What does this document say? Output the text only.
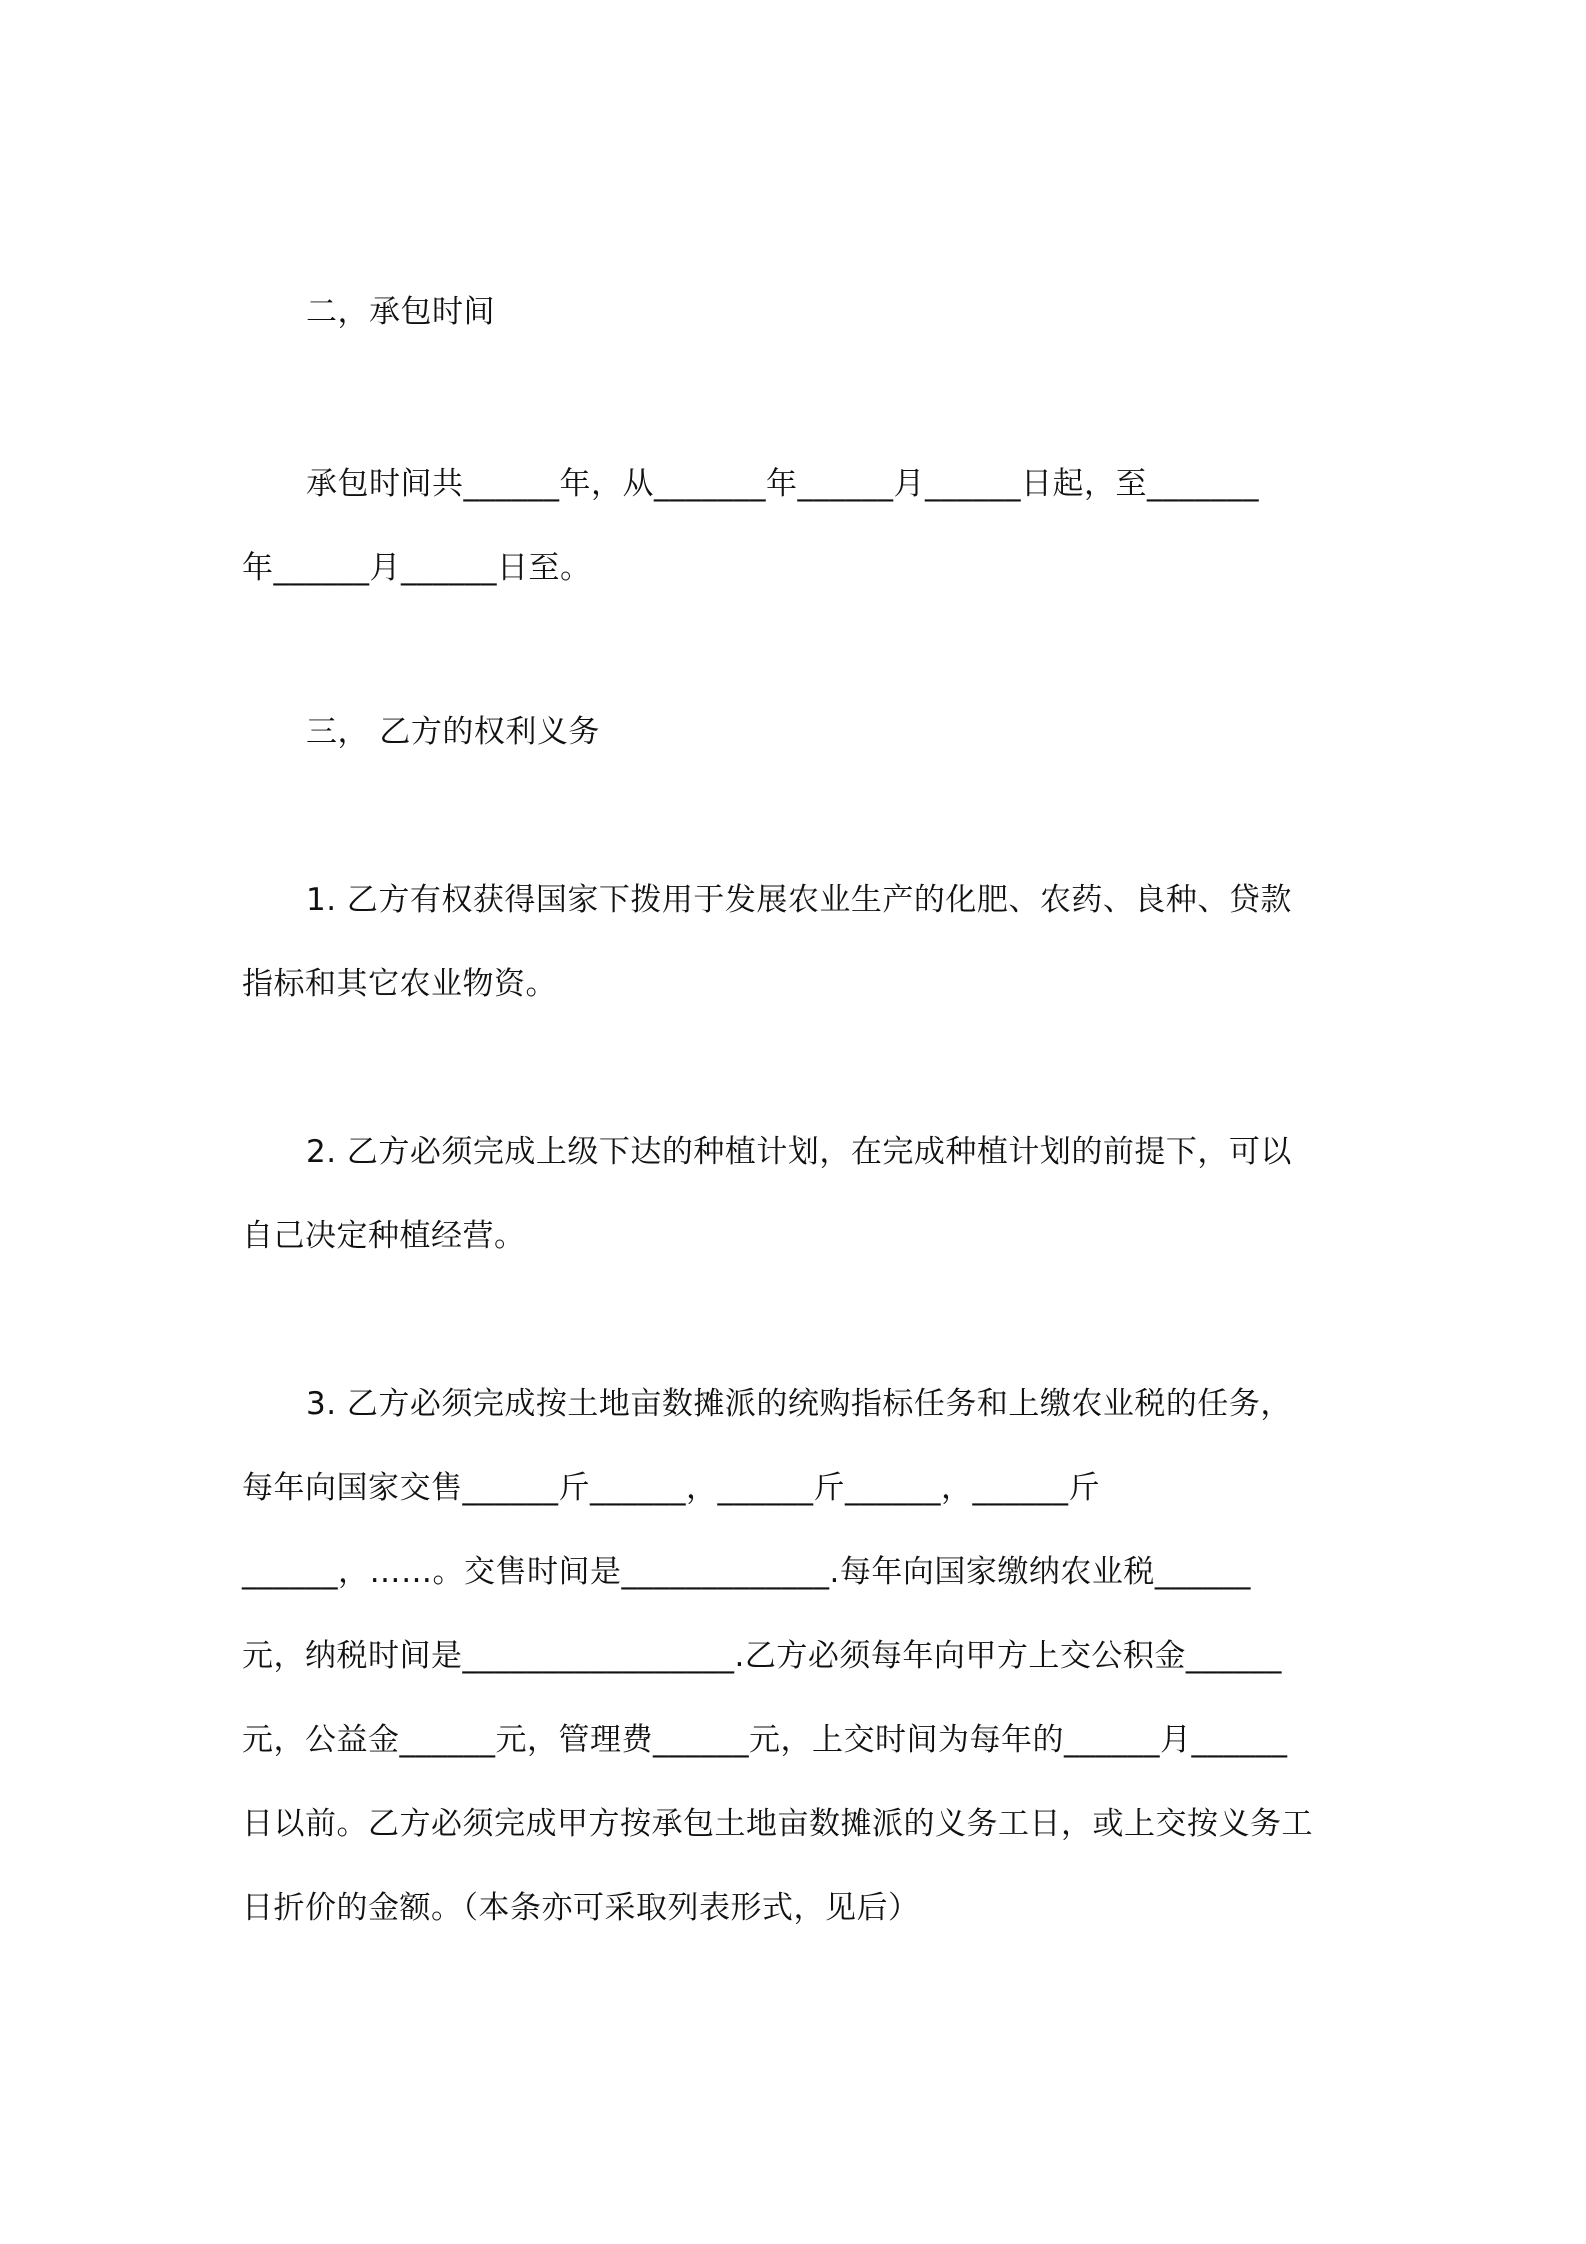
二，承包时间
承包时间共______年，从_______年______月______日起，至_______
年______月______日至。
三， 乙方的权利义务
1. 乙方有权获得国家下拨用于发展农业生产的化肥、农药、良种、贷款
指标和其它农业物资。
2. 乙方必须完成上级下达的种植计划，在完成种植计划的前提下，可以
自己决定种植经营。
3. 乙方必须完成按土地亩数摊派的统购指标任务和上缴农业税的任务，
每年向国家交售______斤______，______斤______，______斤
______，……。交售时间是_____________.每年向国家缴纳农业税______
元，纳税时间是_________________.乙方必须每年向甲方上交公积金______
元，公益金______元，管理费______元，上交时间为每年的______月______
日以前。乙方必须完成甲方按承包土地亩数摊派的义务工日，或上交按义务工
日折价的金额。（本条亦可采取列表形式，见后）
